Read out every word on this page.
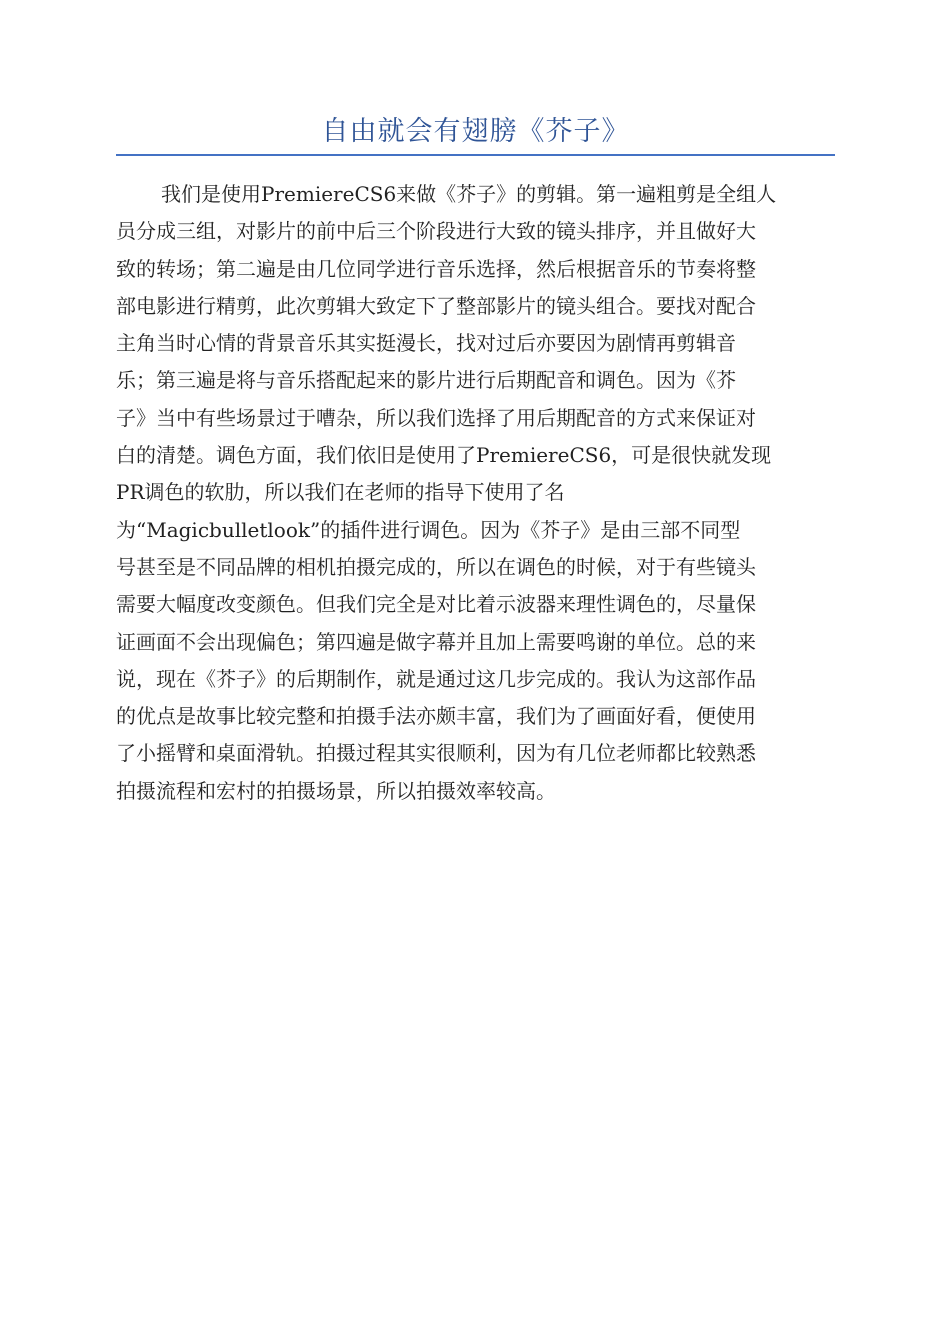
自由就会有翅膀《芥子》
我们是使用PremiereCS6来做《芥子》的剪辑。第一遍粗剪是全组人
员分成三组，对影片的前中后三个阶段进行大致的镜头排序，并且做好大
致的转场；第二遍是由几位同学进行音乐选择，然后根据音乐的节奏将整
部电影进行精剪，此次剪辑大致定下了整部影片的镜头组合。要找对配合
主角当时心情的背景音乐其实挺漫长，找对过后亦要因为剧情再剪辑音
乐；第三遍是将与音乐搭配起来的影片进行后期配音和调色。因为《芥
子》当中有些场景过于嘈杂，所以我们选择了用后期配音的方式来保证对
白的清楚。调色方面，我们依旧是使用了PremiereCS6，可是很快就发现
PR调色的软肋，所以我们在老师的指导下使用了名
为“Magicbulletlook”的插件进行调色。因为《芥子》是由三部不同型
号甚至是不同品牌的相机拍摄完成的，所以在调色的时候，对于有些镜头
需要大幅度改变颜色。但我们完全是对比着示波器来理性调色的，尽量保
证画面不会出现偏色；第四遍是做字幕并且加上需要鸣谢的单位。总的来
说，现在《芥子》的后期制作，就是通过这几步完成的。我认为这部作品
的优点是故事比较完整和拍摄手法亦颇丰富，我们为了画面好看，便使用
了小摇臂和桌面滑轨。拍摄过程其实很顺利，因为有几位老师都比较熟悉
拍摄流程和宏村的拍摄场景，所以拍摄效率较高。
